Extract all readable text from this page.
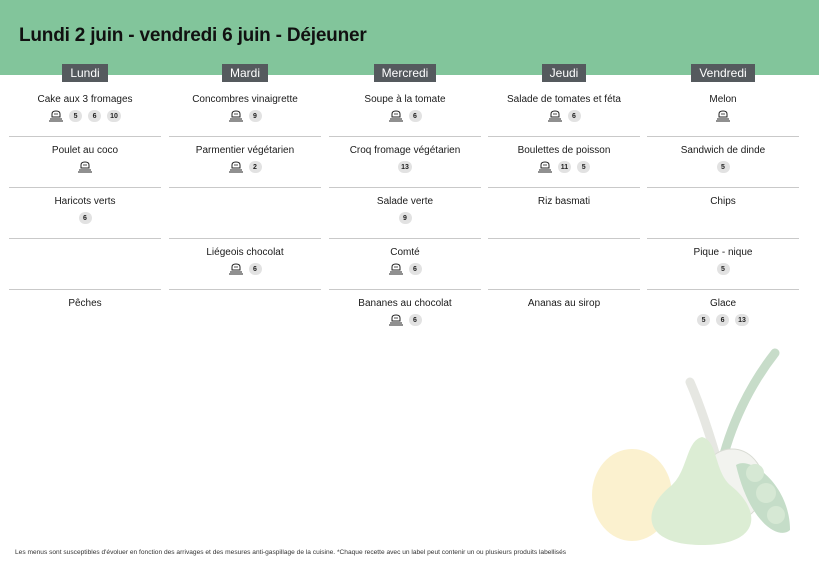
Lundi 2 juin - vendredi 6 juin - Déjeuner
Lundi
Cake aux 3 fromages
5	6	10
Poulet au coco
Haricots verts
6
Pêches
Mardi
Concombres vinaigrette
9
Parmentier végétarien
2
Liégeois chocolat
6
Mercredi
Soupe à la tomate
6
Croq fromage végétarien
13
Salade verte
9
Comté
6
Bananes au chocolat
6
Jeudi
Salade de tomates et féta
6
Boulettes de poisson
11	5
Riz basmati
Ananas au sirop
Vendredi
Melon
Sandwich de dinde
5
Chips
Pique - nique
5
Glace
5	6	13
Les menus sont susceptibles d'évoluer en fonction des arrivages et des mesures anti-gaspillage de la cuisine. *Chaque recette avec un label peut contenir un ou plusieurs produits labellisés
